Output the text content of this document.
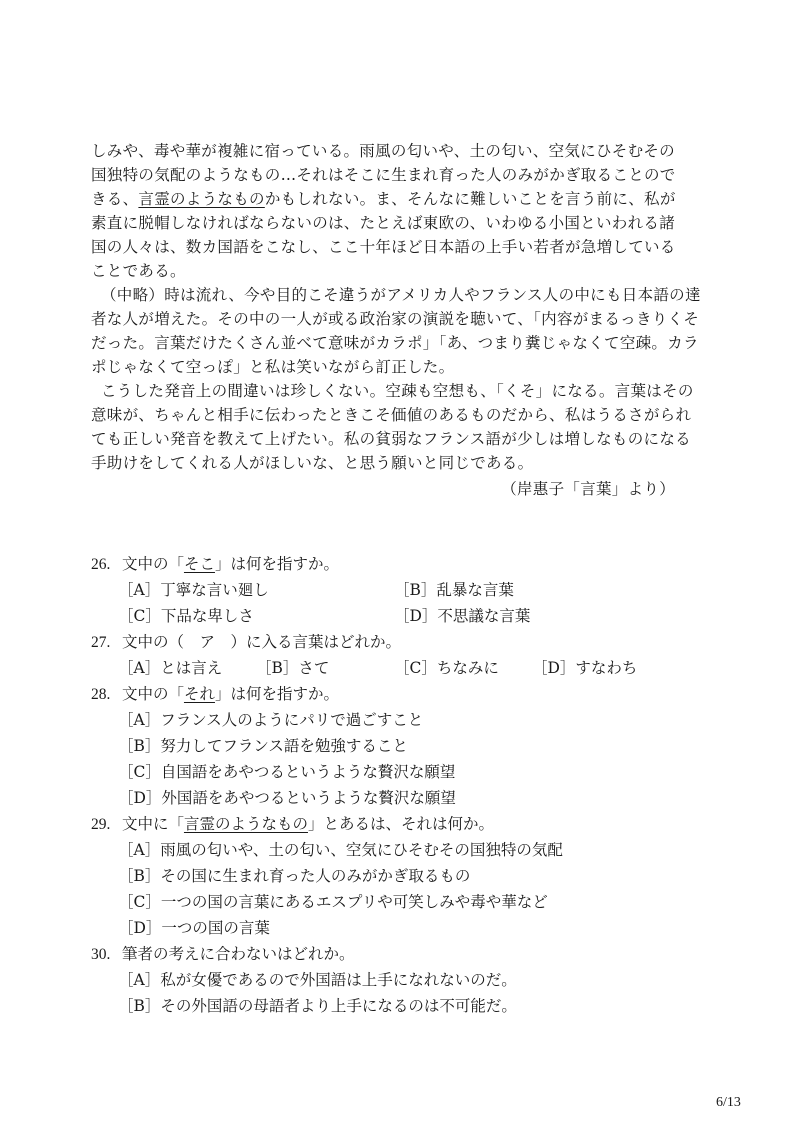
しみや、毒や華が複雑に宿っている。雨風の匂いや、土の匂い、空気にひそむその
国独特の気配のようなもの…それはそこに生まれ育った人のみがかぎ取ることので
きる、言霊のようなものかもしれない。ま、そんなに難しいことを言う前に、私が
素直に脱帽しなければならないのは、たとえば東欧の、いわゆる小国といわれる諸
国の人々は、数カ国語をこなし、ここ十年ほど日本語の上手い若者が急増している
ことである。
（中略）時は流れ、今や目的こそ違うがアメリカ人やフランス人の中にも日本語の達
者な人が増えた。その中の一人が或る政治家の演説を聴いて、「内容がまるっきりくそ
だった。言葉だけたくさん並べて意味がカラポ」「あ、つまり糞じゃなくて空疎。カラ
ポじゃなくて空っぽ」と私は笑いながら訂正した。
こうした発音上の間違いは珍しくない。空疎も空想も、「くそ」になる。言葉はその
意味が、ちゃんと相手に伝わったときこそ価値のあるものだから、私はうるさがられ
ても正しい発音を教えて上げたい。私の貧弱なフランス語が少しは増しなものになる
手助けをしてくれる人がほしいな、と思う願いと同じである。
（岸惠子「言葉」より）
26. 文中の「そこ」は何を指すか。
［A］丁寧な言い廻し	［B］乱暴な言葉
［C］下品な卑しさ	［D］不思議な言葉
27. 文中の（　ア　）に入る言葉はどれか。
［A］とは言え	［B］さて	［C］ちなみに	［D］すなわち
28. 文中の「それ」は何を指すか。
［A］フランス人のようにパリで過ごすこと
［B］努力してフランス語を勉強すること
［C］自国語をあやつるというような贅沢な願望
［D］外国語をあやつるというような贅沢な願望
29. 文中に「言霊のようなもの」とあるは、それは何か。
［A］雨風の匂いや、土の匂い、空気にひそむその国独特の気配
［B］その国に生まれ育った人のみがかぎ取るもの
［C］一つの国の言葉にあるエスプリや可笑しみや毒や華など
［D］一つの国の言葉
30. 筆者の考えに合わないはどれか。
［A］私が女優であるので外国語は上手になれないのだ。
［B］その外国語の母語者より上手になるのは不可能だ。
6/13
